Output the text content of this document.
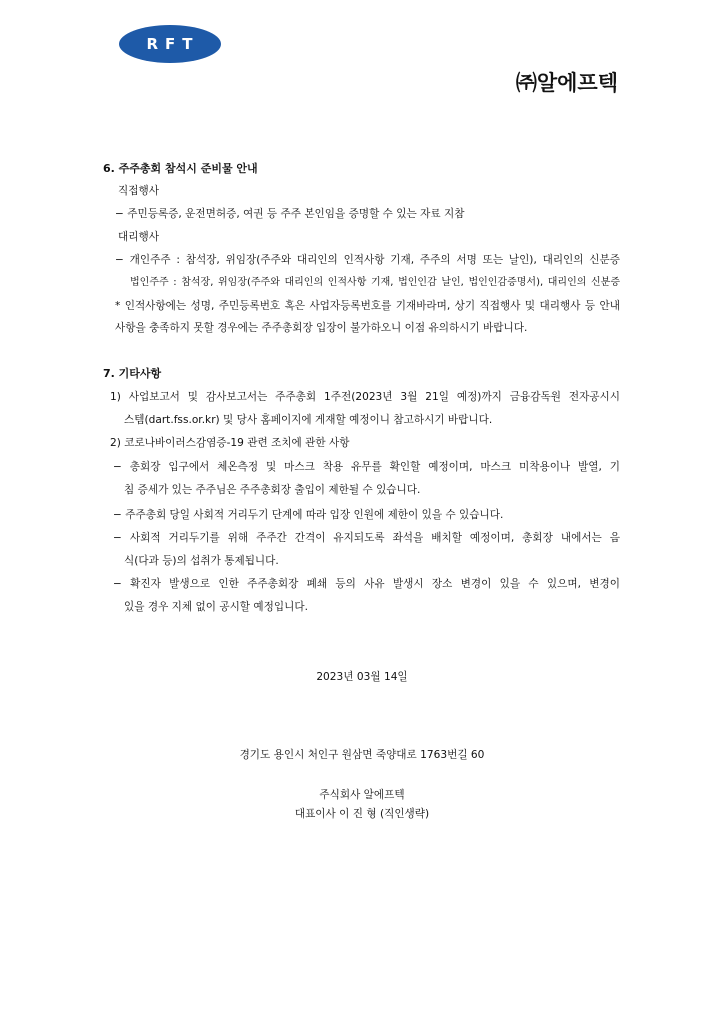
RFT
㈜알에프텍
6. 주주총회 참석시 준비물 안내
직접행사
− 주민등록증, 운전면허증, 여권 등 주주 본인임을 증명할 수 있는 자료 지참
대리행사
− 개인주주 : 참석장, 위임장(주주와 대리인의 인적사항 기재, 주주의 서명 또는 날인), 대리인의 신분증
법인주주 : 참석장, 위임장(주주와 대리인의 인적사항 기재, 법인인감 날인, 법인인감증명서), 대리인의 신분증
* 인적사항에는 성명, 주민등록번호 혹은 사업자등록번호를 기재바라며, 상기 직접행사 및 대리행사 등 안내
사항을 충족하지 못할 경우에는 주주총회장 입장이 불가하오니 이점 유의하시기 바랍니다.
7. 기타사항
1) 사업보고서 및 감사보고서는 주주총회 1주전(2023년 3월 21일 예정)까지 금융감독원 전자공시시
스템(dart.fss.or.kr) 및 당사 홈페이지에 게재할 예정이니 참고하시기 바랍니다.
2) 코로나바이러스감염증-19 관련 조치에 관한 사항
− 총회장 입구에서 체온측정 및 마스크 착용 유무를 확인할 예정이며, 마스크 미착용이나 발열, 기
침 증세가 있는 주주님은 주주총회장 출입이 제한될 수 있습니다.
− 주주총회 당일 사회적 거리두기 단계에 따라 입장 인원에 제한이 있을 수 있습니다.
− 사회적 거리두기를 위해 주주간 간격이 유지되도록 좌석을 배치할 예정이며, 총회장 내에서는 음
식(다과 등)의 섭취가 통제됩니다.
− 확진자 발생으로 인한 주주총회장 폐쇄 등의 사유 발생시 장소 변경이 있을 수 있으며, 변경이
있을 경우 지체 없이 공시할 예정입니다.
2023년 03월 14일
경기도 용인시 처인구 원삼면 죽양대로 1763번길 60
주식회사 알에프텍
대표이사 이 진 형 (직인생략)
